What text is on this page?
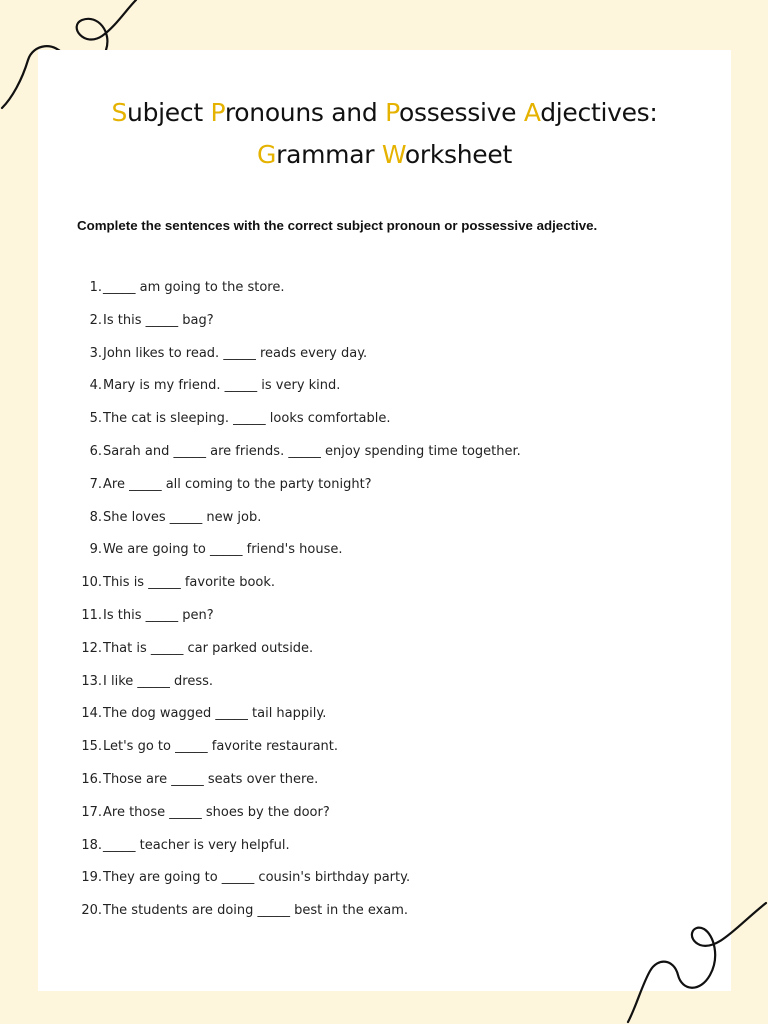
Subject Pronouns and Possessive Adjectives:
Grammar Worksheet
Complete the sentences with the correct subject pronoun or possessive adjective.
1. _____ am going to the store.
2. Is this _____ bag?
3. John likes to read. _____ reads every day.
4. Mary is my friend. _____ is very kind.
5. The cat is sleeping. _____ looks comfortable.
6. Sarah and _____ are friends. _____ enjoy spending time together.
7. Are _____ all coming to the party tonight?
8. She loves _____ new job.
9. We are going to _____ friend's house.
10. This is _____ favorite book.
11. Is this _____ pen?
12. That is _____ car parked outside.
13. I like _____ dress.
14. The dog wagged _____ tail happily.
15. Let's go to _____ favorite restaurant.
16. Those are _____ seats over there.
17. Are those _____ shoes by the door?
18. _____ teacher is very helpful.
19. They are going to _____ cousin's birthday party.
20. The students are doing _____ best in the exam.
